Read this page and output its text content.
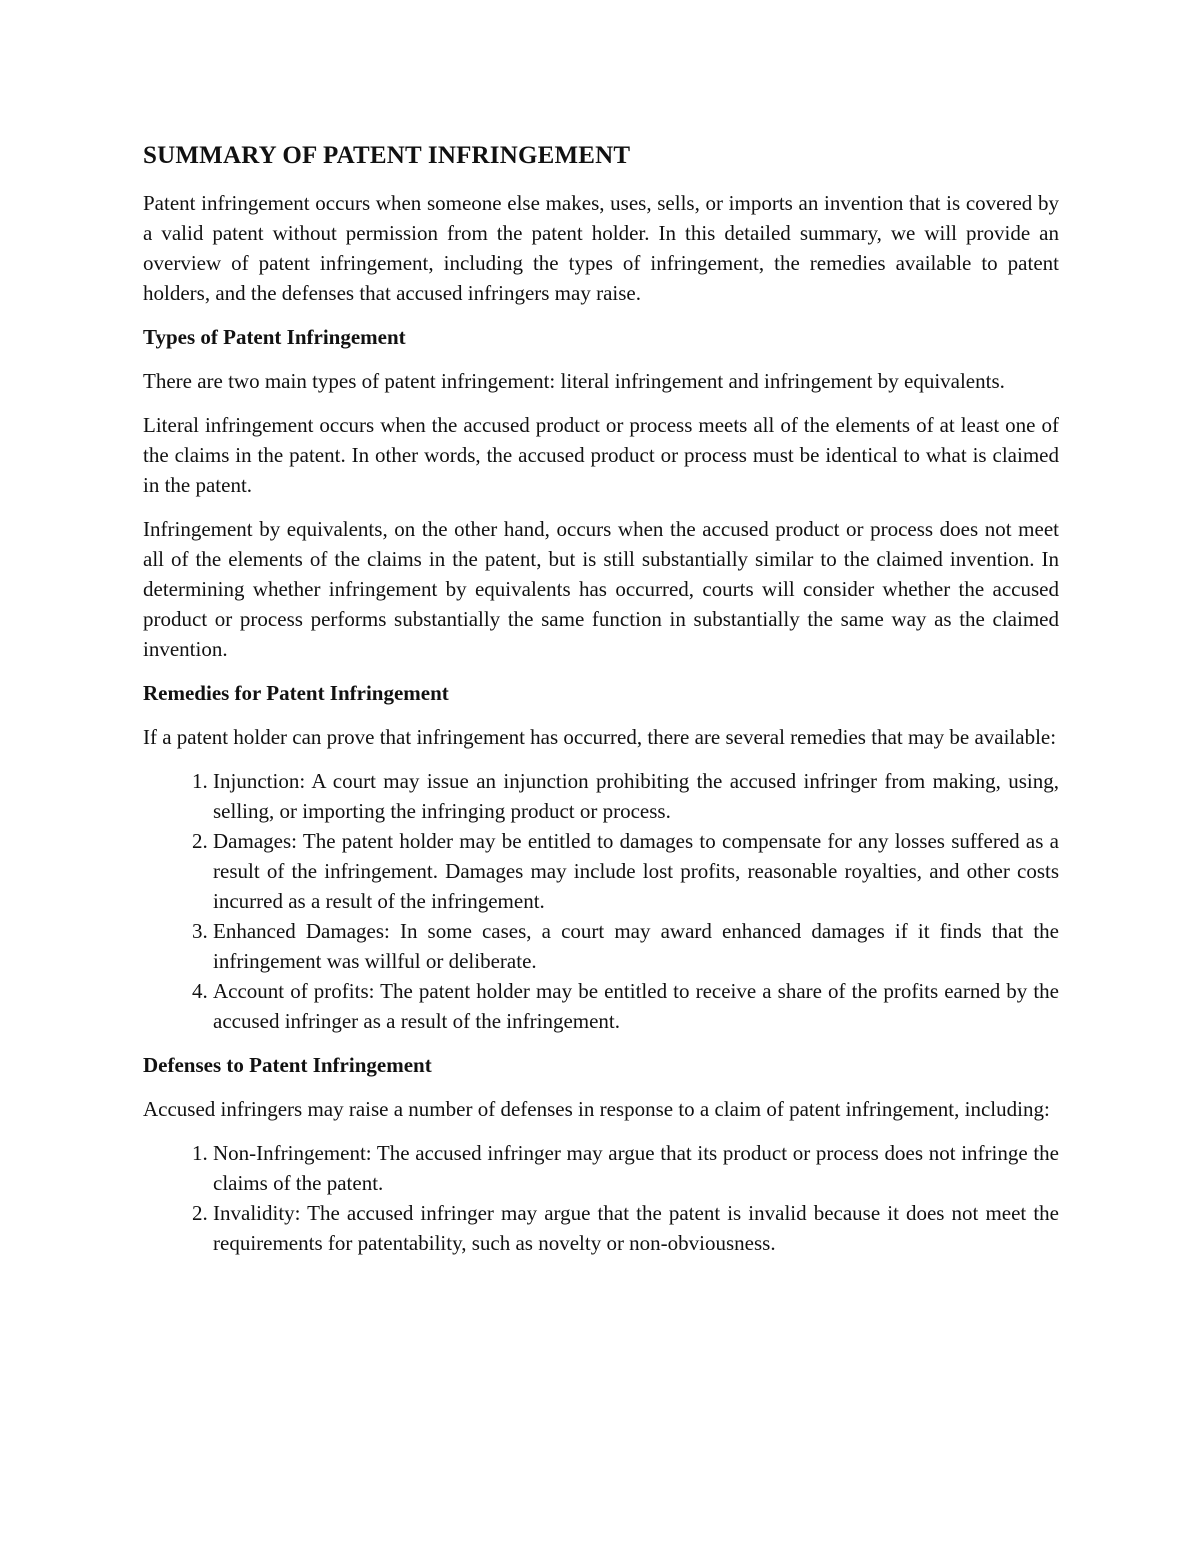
SUMMARY OF PATENT INFRINGEMENT

Patent infringement occurs when someone else makes, uses, sells, or imports an invention that is covered by a valid patent without permission from the patent holder. In this detailed summary, we will provide an overview of patent infringement, including the types of infringement, the remedies available to patent holders, and the defenses that accused infringers may raise.

Types of Patent Infringement

There are two main types of patent infringement: literal infringement and infringement by equivalents.

Literal infringement occurs when the accused product or process meets all of the elements of at least one of the claims in the patent. In other words, the accused product or process must be identical to what is claimed in the patent.

Infringement by equivalents, on the other hand, occurs when the accused product or process does not meet all of the elements of the claims in the patent, but is still substantially similar to the claimed invention. In determining whether infringement by equivalents has occurred, courts will consider whether the accused product or process performs substantially the same function in substantially the same way as the claimed invention.

Remedies for Patent Infringement

If a patent holder can prove that infringement has occurred, there are several remedies that may be available:

1. Injunction: A court may issue an injunction prohibiting the accused infringer from making, using, selling, or importing the infringing product or process.
2. Damages: The patent holder may be entitled to damages to compensate for any losses suffered as a result of the infringement. Damages may include lost profits, reasonable royalties, and other costs incurred as a result of the infringement.
3. Enhanced Damages: In some cases, a court may award enhanced damages if it finds that the infringement was willful or deliberate.
4. Account of profits: The patent holder may be entitled to receive a share of the profits earned by the accused infringer as a result of the infringement.
Defenses to Patent Infringement

Accused infringers may raise a number of defenses in response to a claim of patent infringement, including:

1. Non-Infringement: The accused infringer may argue that its product or process does not infringe the claims of the patent.
2. Invalidity: The accused infringer may argue that the patent is invalid because it does not meet the requirements for patentability, such as novelty or non-obviousness.
